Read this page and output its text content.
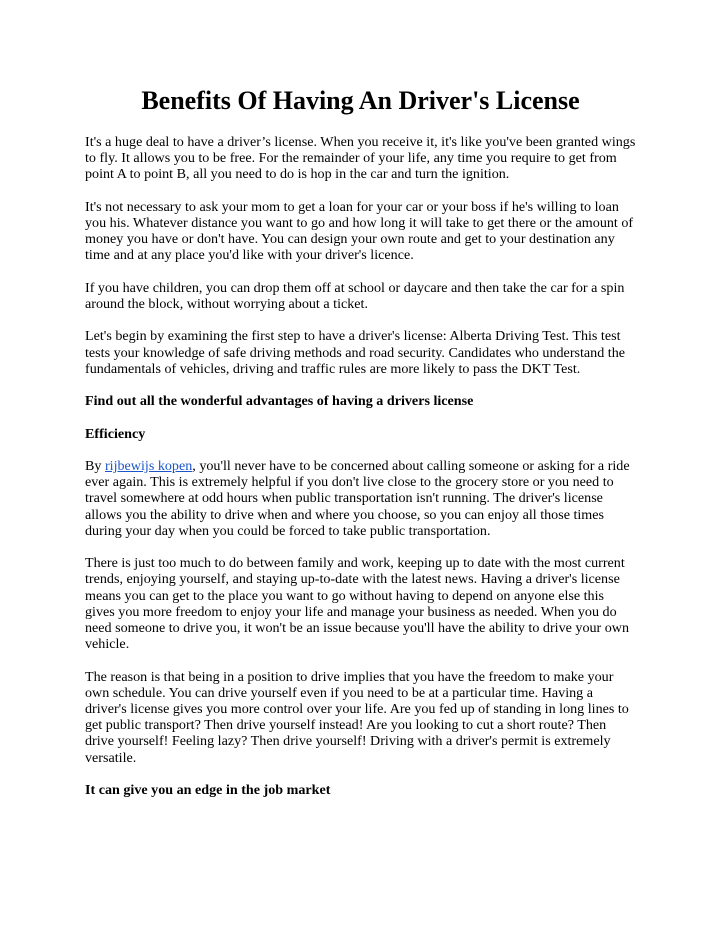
Benefits Of Having An Driver's License

It's a huge deal to have a driver’s license. When you receive it, it's like you've been granted wings to fly. It allows you to be free. For the remainder of your life, any time you require to get from point A to point B, all you need to do is hop in the car and turn the ignition.

It's not necessary to ask your mom to get a loan for your car or your boss if he's willing to loan you his. Whatever distance you want to go and how long it will take to get there or the amount of money you have or don't have. You can design your own route and get to your destination any time and at any place you'd like with your driver's licence.

If you have children, you can drop them off at school or daycare and then take the car for a spin around the block, without worrying about a ticket.

Let's begin by examining the first step to have a driver's license: Alberta Driving Test. This test tests your knowledge of safe driving methods and road security. Candidates who understand the fundamentals of vehicles, driving and traffic rules are more likely to pass the DKT Test.

Find out all the wonderful advantages of having a drivers license

Efficiency

By rijbewijs kopen, you'll never have to be concerned about calling someone or asking for a ride ever again. This is extremely helpful if you don't live close to the grocery store or you need to travel somewhere at odd hours when public transportation isn't running. The driver's license allows you the ability to drive when and where you choose, so you can enjoy all those times during your day when you could be forced to take public transportation.

There is just too much to do between family and work, keeping up to date with the most current trends, enjoying yourself, and staying up-to-date with the latest news. Having a driver's license means you can get to the place you want to go without having to depend on anyone else this gives you more freedom to enjoy your life and manage your business as needed. When you do need someone to drive you, it won't be an issue because you'll have the ability to drive your own vehicle.

The reason is that being in a position to drive implies that you have the freedom to make your own schedule. You can drive yourself even if you need to be at a particular time. Having a driver's license gives you more control over your life. Are you fed up of standing in long lines to get public transport? Then drive yourself instead! Are you looking to cut a short route? Then drive yourself! Feeling lazy? Then drive yourself! Driving with a driver's permit is extremely versatile.

It can give you an edge in the job market
